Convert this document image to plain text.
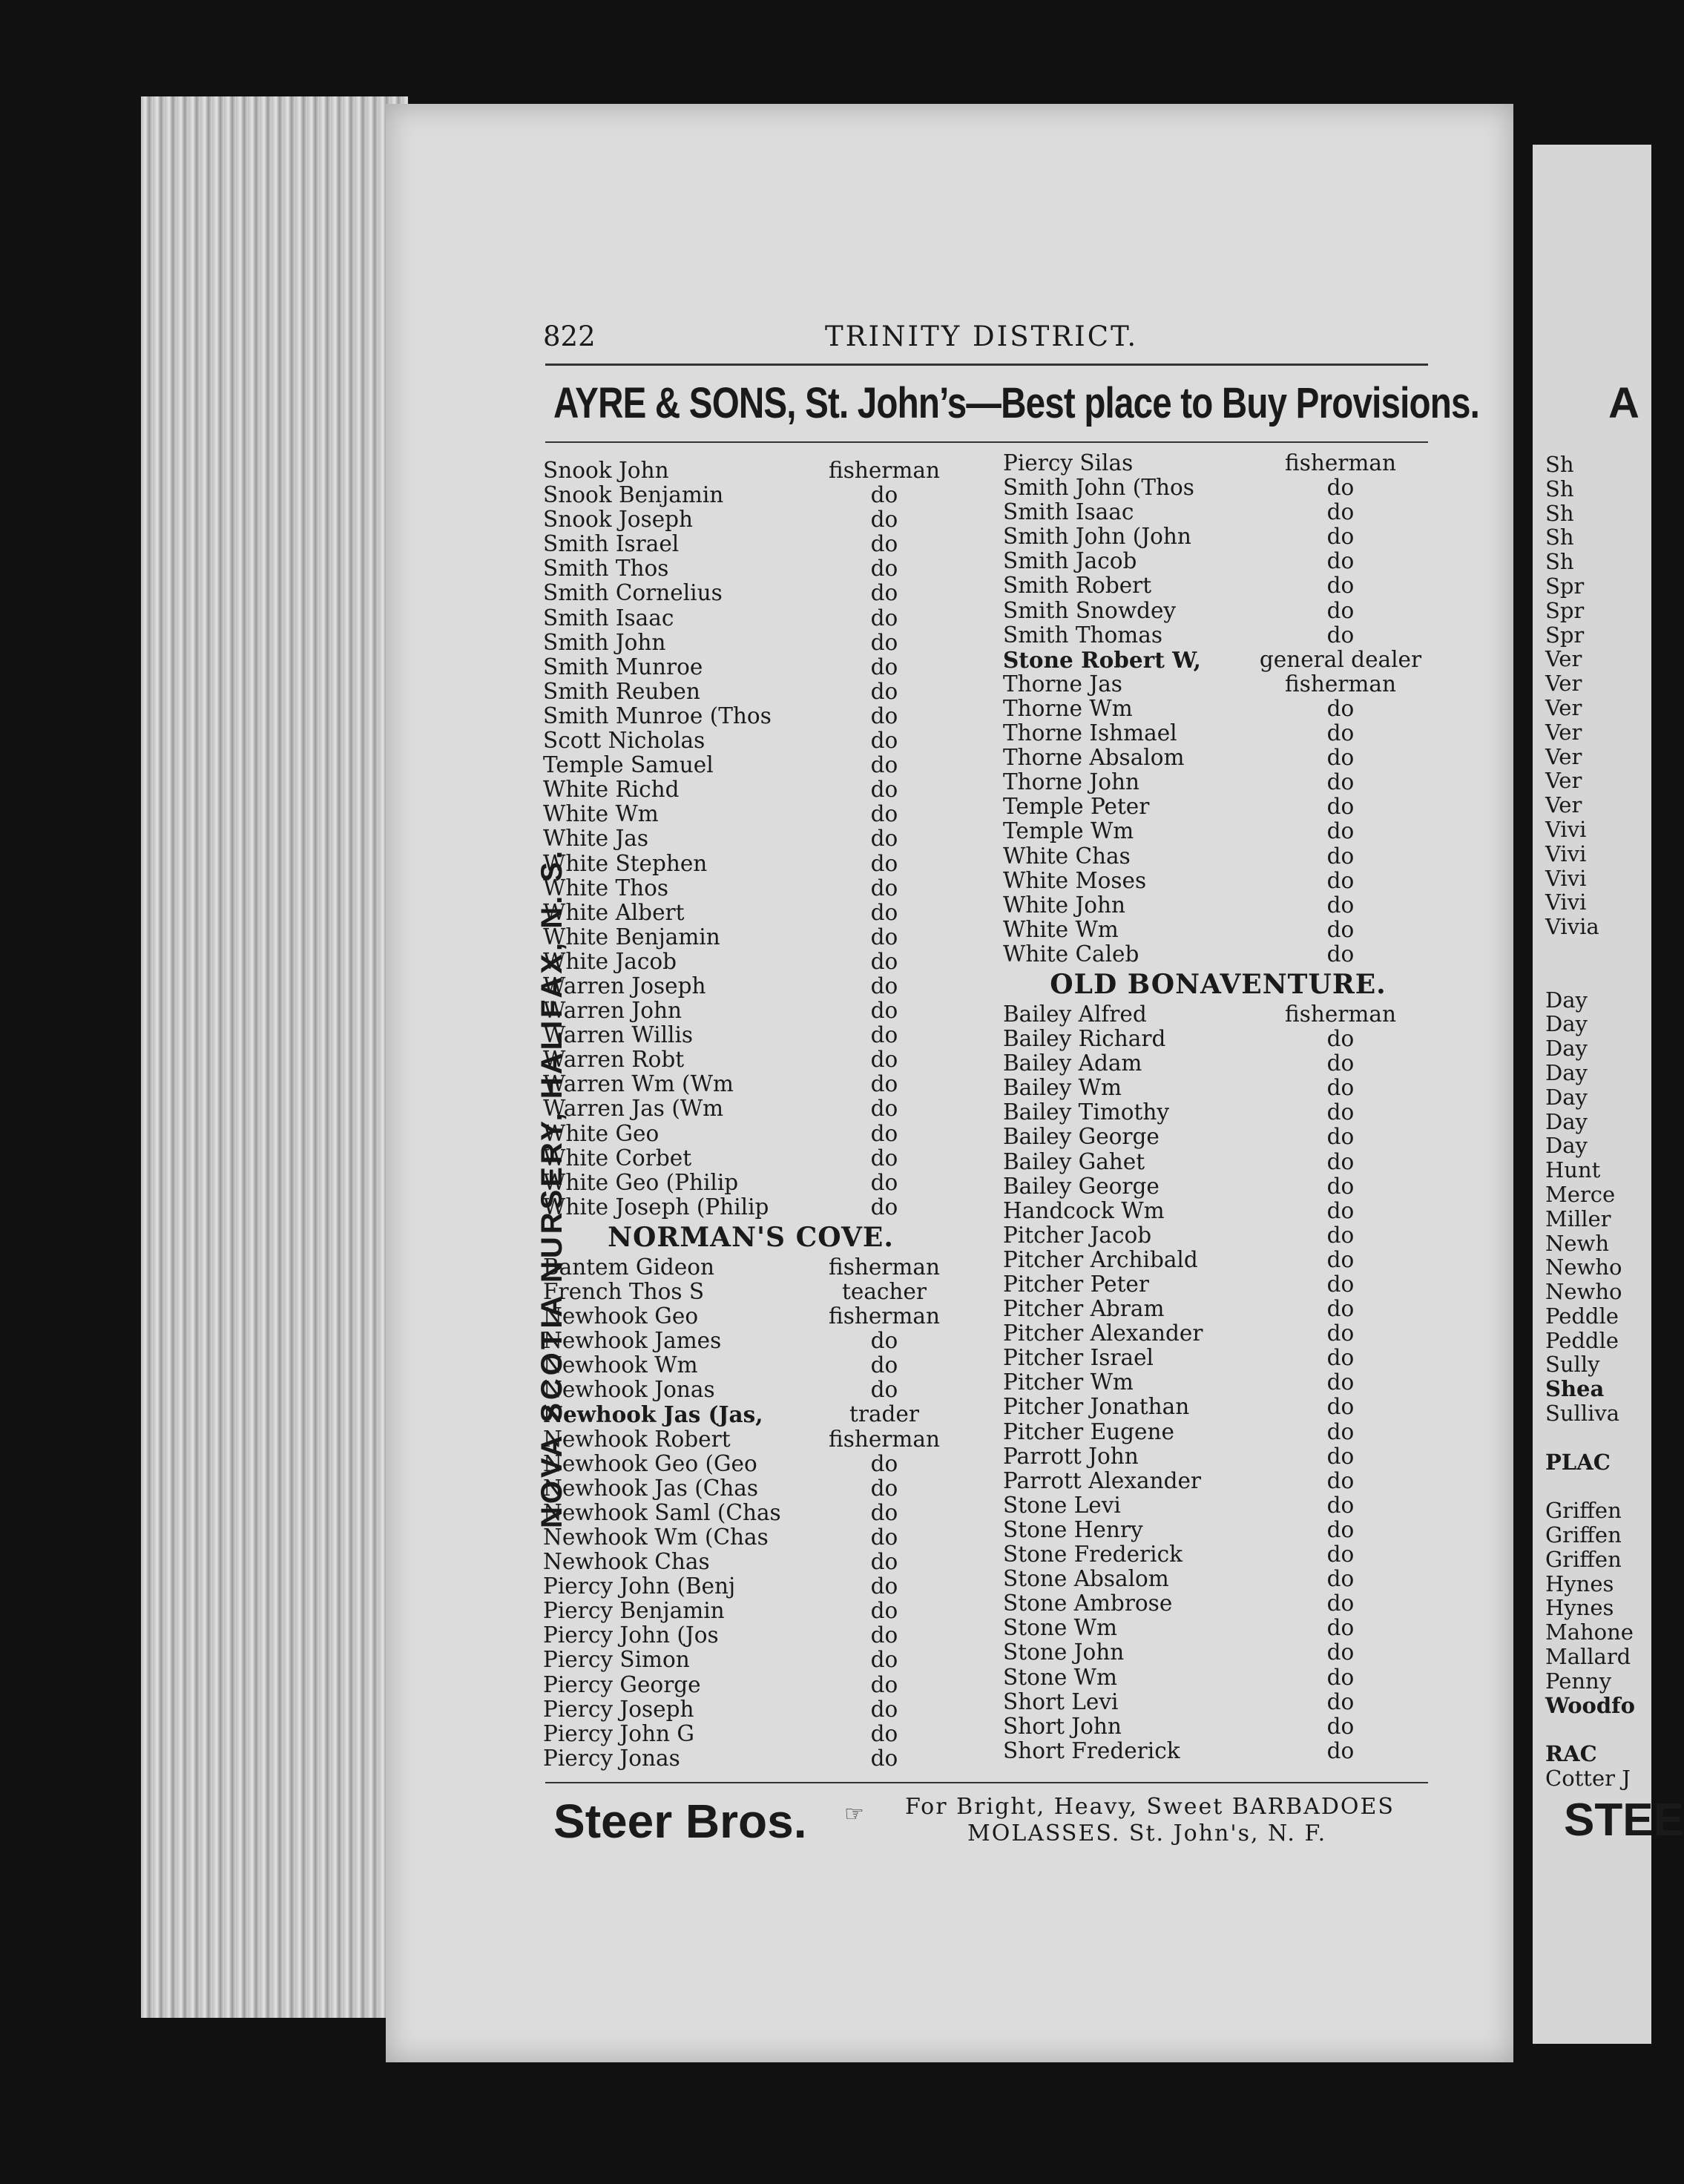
822	TRINITY DISTRICT.
AYRE & SONS, St. John’s—Best place to Buy Provisions.
NOVA SCOTIA NURSERY, HALIFAX, N. S.
Snook John	fisherman
Snook Benjamin	do
Snook Joseph	do
Smith Israel	do
Smith Thos	do
Smith Cornelius	do
Smith Isaac	do
Smith John	do
Smith Munroe	do
Smith Reuben	do
Smith Munroe (Thos	do
Scott Nicholas	do
Temple Samuel	do
White Richd	do
White Wm	do
White Jas	do
White Stephen	do
White Thos	do
White Albert	do
White Benjamin	do
White Jacob	do
Warren Joseph	do
Warren John	do
Warren Willis	do
Warren Robt	do
Warren Wm (Wm	do
Warren Jas (Wm	do
White Geo	do
White Corbet	do
White Geo (Philip	do
White Joseph (Philip	do
NORMAN'S COVE.
Bantem Gideon	fisherman
French Thos S	teacher
Newhook Geo	fisherman
Newhook James	do
Newhook Wm	do
Newhook Jonas	do
Newhook Jas (Jas,	trader
Newhook Robert	fisherman
Newhook Geo (Geo	do
Newhook Jas (Chas	do
Newhook Saml (Chas	do
Newhook Wm (Chas	do
Newhook Chas	do
Piercy John (Benj	do
Piercy Benjamin	do
Piercy John (Jos	do
Piercy Simon	do
Piercy George	do
Piercy Joseph	do
Piercy John G	do
Piercy Jonas	do
Piercy Silas	fisherman
Smith John (Thos	do
Smith Isaac	do
Smith John (John	do
Smith Jacob	do
Smith Robert	do
Smith Snowdey	do
Smith Thomas	do
Stone Robert W,	general dealer
Thorne Jas	fisherman
Thorne Wm	do
Thorne Ishmael	do
Thorne Absalom	do
Thorne John	do
Temple Peter	do
Temple Wm	do
White Chas	do
White Moses	do
White John	do
White Wm	do
White Caleb	do
OLD BONAVENTURE.
Bailey Alfred	fisherman
Bailey Richard	do
Bailey Adam	do
Bailey Wm	do
Bailey Timothy	do
Bailey George	do
Bailey Gahet	do
Bailey George	do
Handcock Wm	do
Pitcher Jacob	do
Pitcher Archibald	do
Pitcher Peter	do
Pitcher Abram	do
Pitcher Alexander	do
Pitcher Israel	do
Pitcher Wm	do
Pitcher Jonathan	do
Pitcher Eugene	do
Parrott John	do
Parrott Alexander	do
Stone Levi	do
Stone Henry	do
Stone Frederick	do
Stone Absalom	do
Stone Ambrose	do
Stone Wm	do
Stone John	do
Stone Wm	do
Short Levi	do
Short John	do
Short Frederick	do
Steer Bros. ☞ For Bright, Heavy, Sweet BARBADOES
MOLASSES. St. John's, N. F.
A
Sh
Sh
Sh
Sh
Sh
Spr
Spr
Spr
Ver
Ver
Ver
Ver
Ver
Ver
Ver
Vivi
Vivi
Vivi
Vivi
Vivia
Day
Day
Day
Day
Day
Day
Day
Hunt
Merce
Miller
Newh
Newho
Newho
Peddle
Peddle
Sully
Shea
Sulliva
PLAC
Griffen
Griffen
Griffen
Hynes
Hynes
Mahone
Mallard
Penny
Woodfo
RAC
Cotter J
STEE
